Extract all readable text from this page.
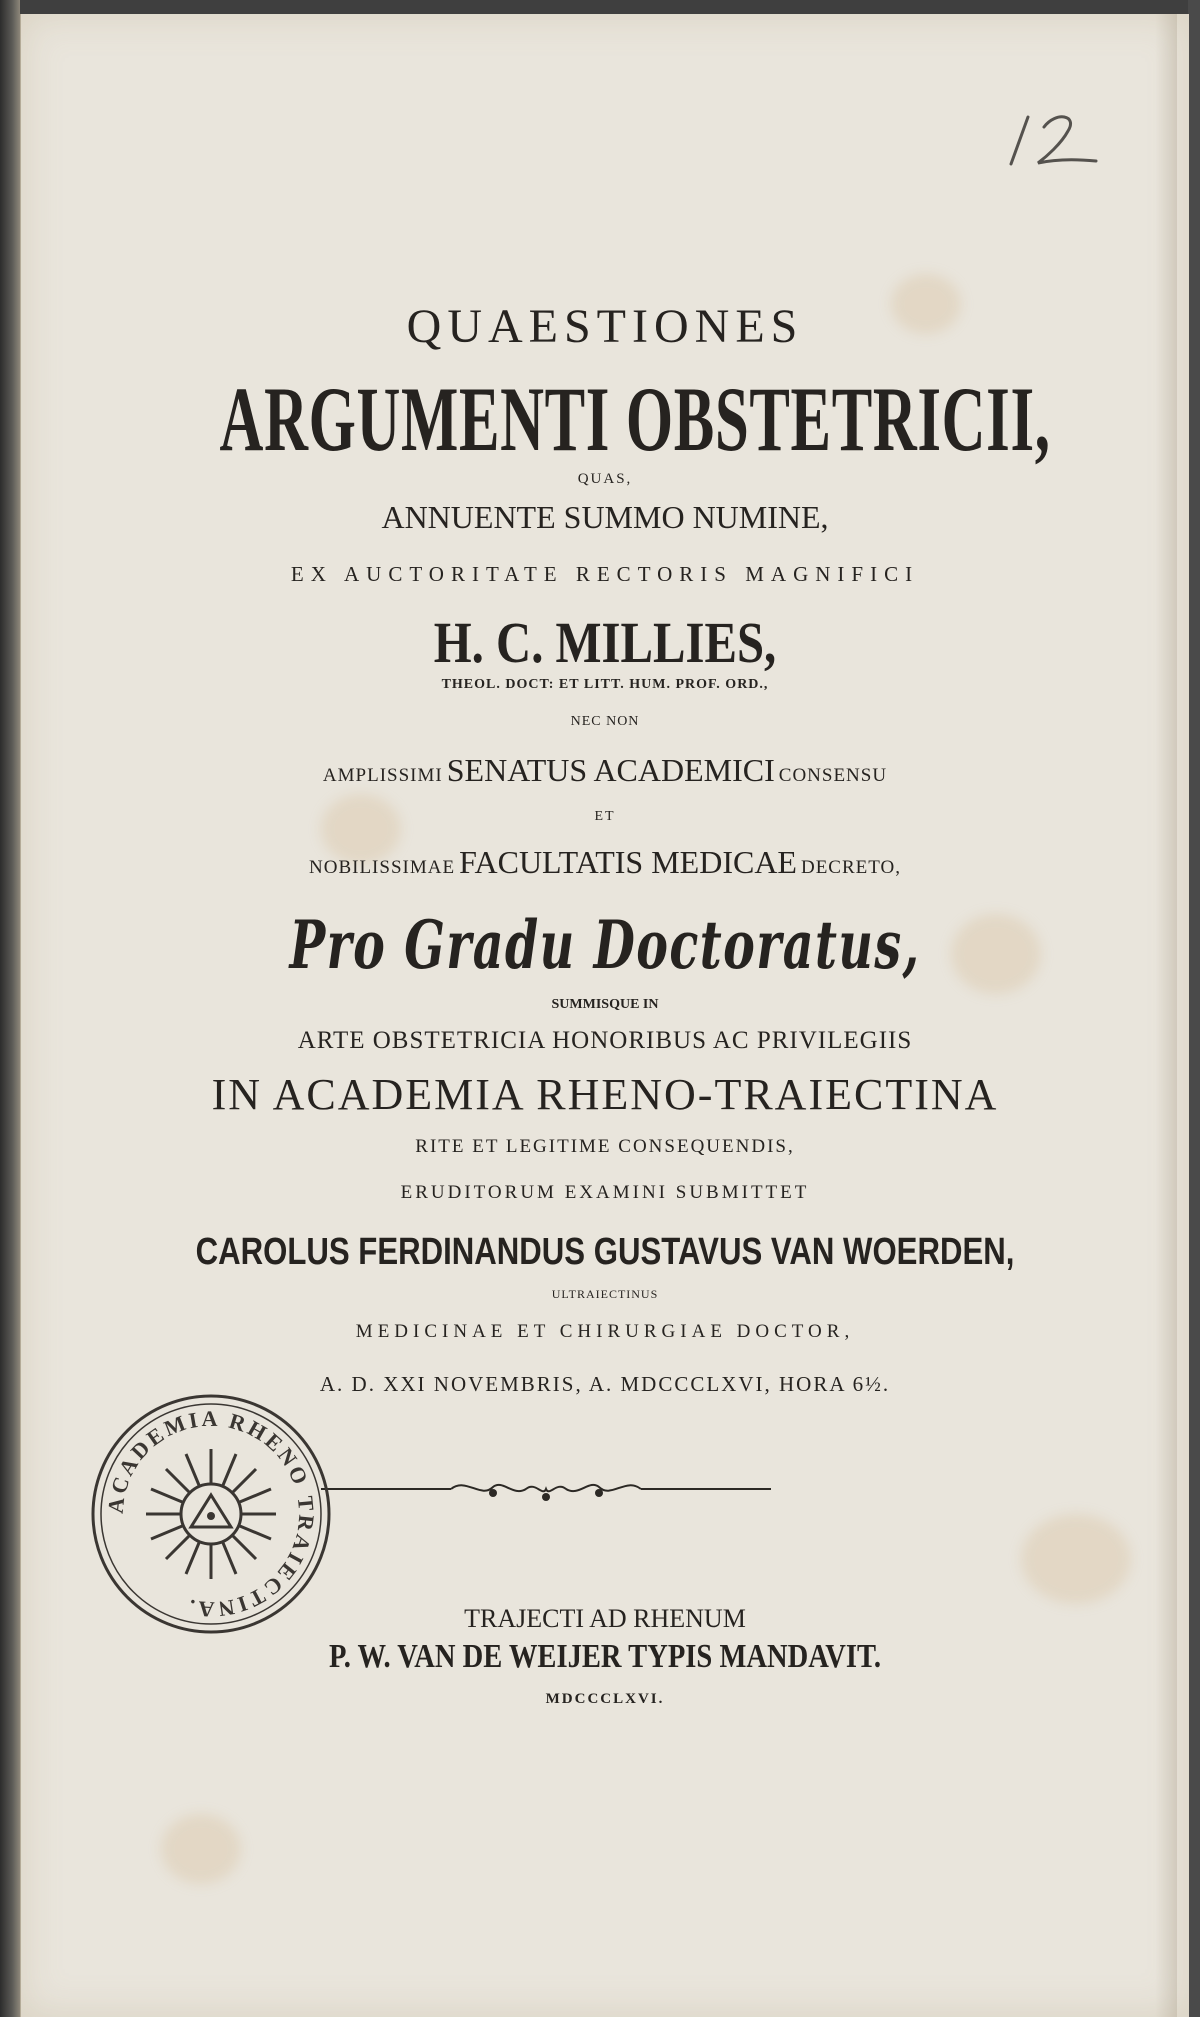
QUAESTIONES
ARGUMENTI OBSTETRICII,
QUAS,
ANNUENTE SUMMO NUMINE,
EX AUCTORITATE RECTORIS MAGNIFICI
H. C. MILLIES,
THEOL. DOCT: ET LITT. HUM. PROF. ORD.,
NEC NON
AMPLISSIMI SENATUS ACADEMICI CONSENSU
ET
NOBILISSIMAE FACULTATIS MEDICAE DECRETO,
Pro Gradu Doctoratus,
SUMMISQUE IN
ARTE OBSTETRICIA HONORIBUS AC PRIVILEGIIS
IN ACADEMIA RHENO-TRAIECTINA
RITE ET LEGITIME CONSEQUENDIS,
ERUDITORUM EXAMINI SUBMITTET
CAROLUS FERDINANDUS GUSTAVUS VAN WOERDEN,
ULTRAIECTINUS
MEDICINAE ET CHIRURGIAE DOCTOR,
A. D. XXI NOVEMBRIS, A. MDCCCLXVI, HORA 6½.
ACADEMIA RHENO TRAIECTINA.	TRAJECTI AD RHENUM
P. W. VAN DE WEIJER TYPIS MANDAVIT.
MDCCCLXVI.
